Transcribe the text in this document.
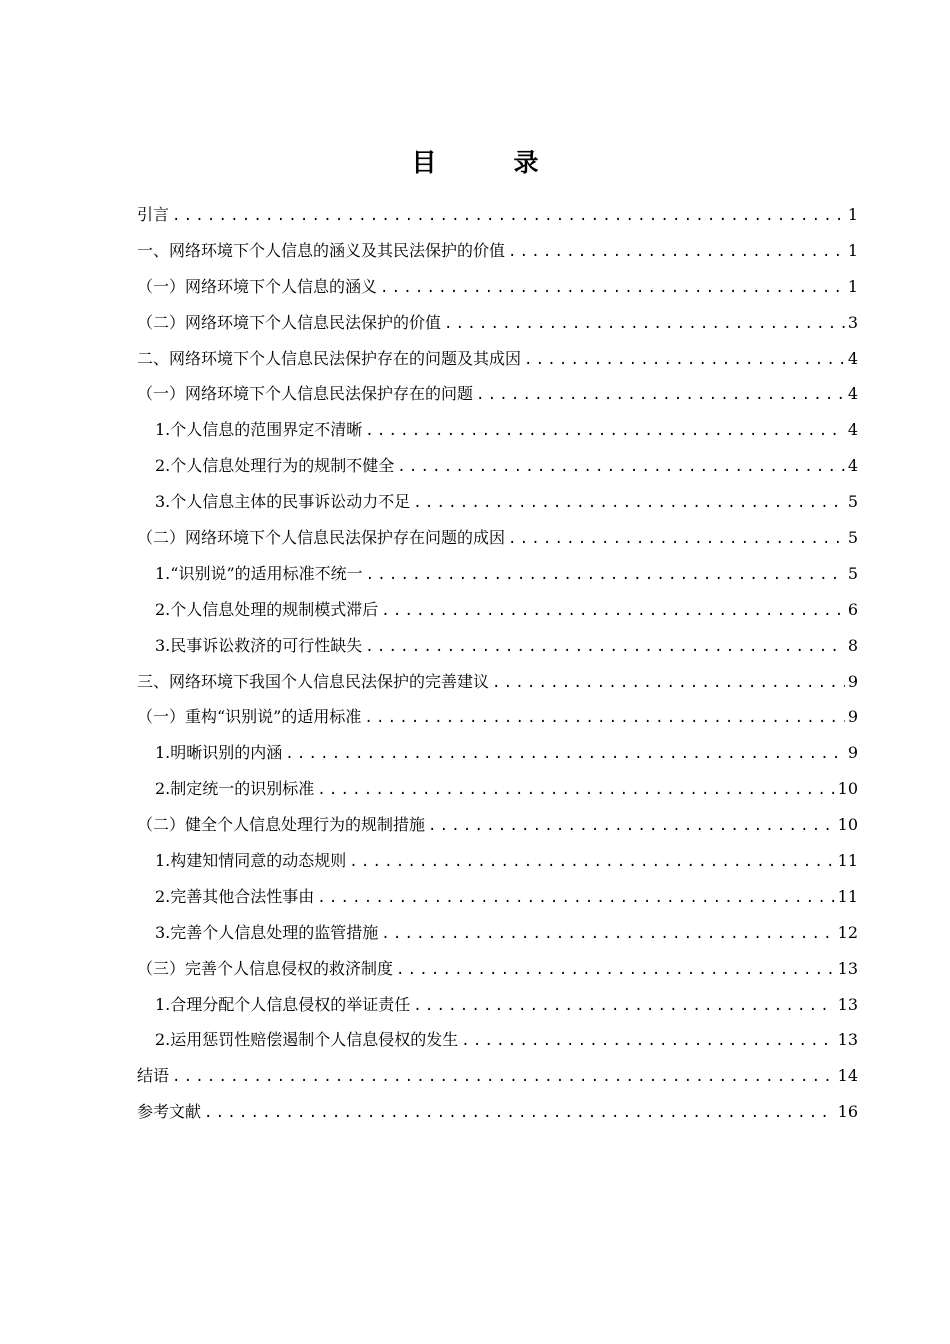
目　录
引言 .....	1
一、网络环境下个人信息的涵义及其民法保护的价值 .....	1
（一）网络环境下个人信息的涵义 .....	1
（二）网络环境下个人信息民法保护的价值 .....	3
二、网络环境下个人信息民法保护存在的问题及其成因 .....	4
（一）网络环境下个人信息民法保护存在的问题 .....	4
1.个人信息的范围界定不清晰 .....	4
2.个人信息处理行为的规制不健全 .....	4
3.个人信息主体的民事诉讼动力不足 .....	5
（二）网络环境下个人信息民法保护存在问题的成因 .....	5
1.“识别说”的适用标准不统一 .....	5
2.个人信息处理的规制模式滞后 .....	6
3.民事诉讼救济的可行性缺失 .....	8
三、网络环境下我国个人信息民法保护的完善建议 .....	9
（一）重构“识别说”的适用标准 .....	9
1.明晰识别的内涵 .....	9
2.制定统一的识别标准 .....	10
（二）健全个人信息处理行为的规制措施 .....	10
1.构建知情同意的动态规则 .....	11
2.完善其他合法性事由 .....	11
3.完善个人信息处理的监管措施 .....	12
（三）完善个人信息侵权的救济制度 .....	13
1.合理分配个人信息侵权的举证责任 .....	13
2.运用惩罚性赔偿遏制个人信息侵权的发生 .....	13
结语 .....	14
参考文献 .....	16
